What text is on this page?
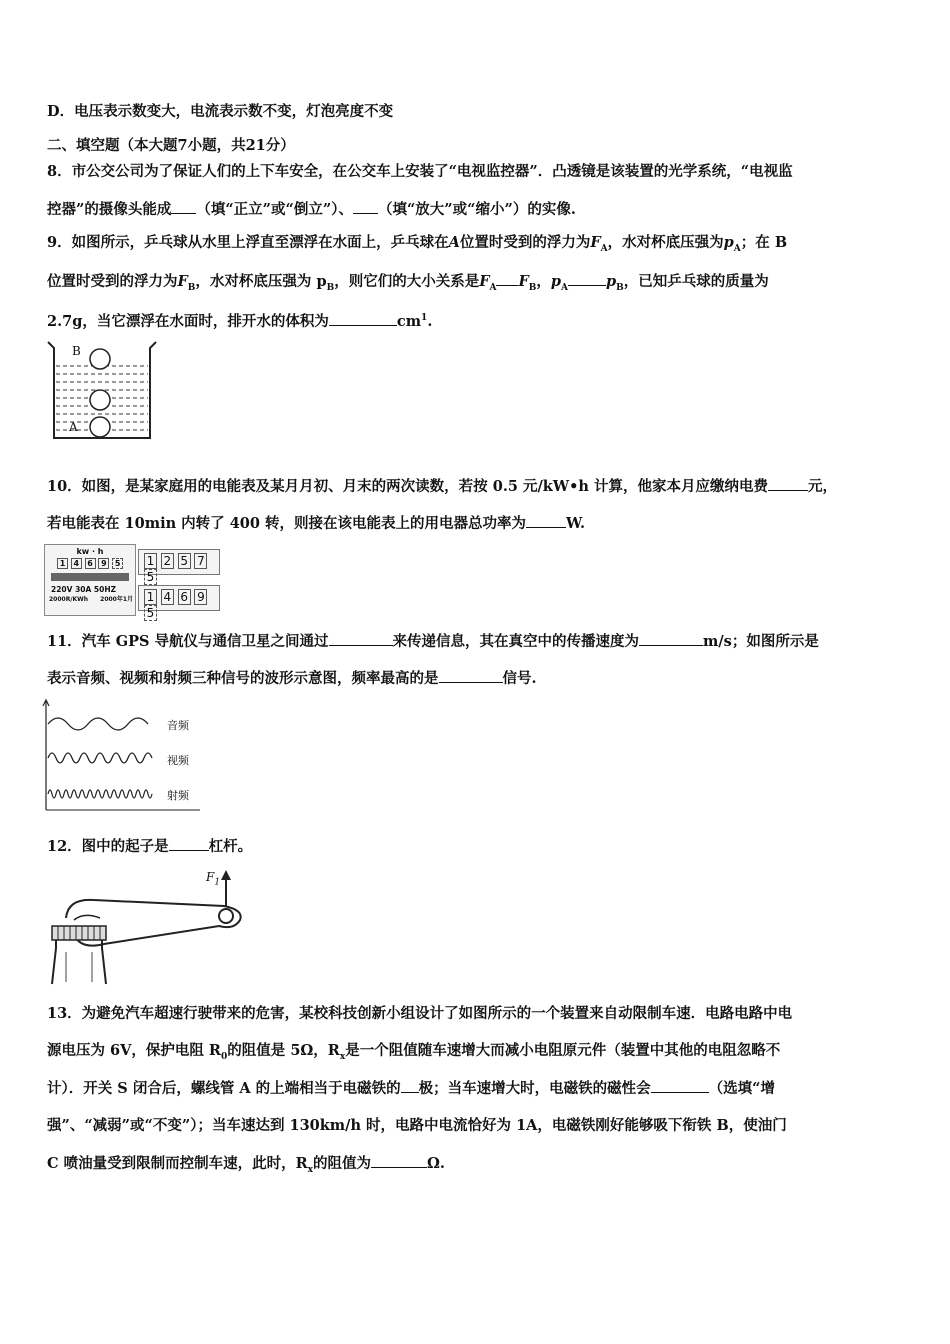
D．电压表示数变大，电流表示数不变，灯泡亮度不变
二、填空题（本大题7小题，共21分）
8．市公交公司为了保证人们的上下车安全，在公交车上安装了“电视监控器”．凸透镜是该装置的光学系统，“电视监
控器”的摄像头能成 （填“正立”或“倒立”）、 （填“放大”或“缩小”）的实像.
9．如图所示，乒乓球从水里上浮直至漂浮在水面上，乒乓球在A位置时受到的浮力为$F_A$，水对杯底压强为$p_A$；在 B
位置时受到的浮力为$F_B$，水对杯底压强为 $p_B$，则它们的大小关系是$F_A$ $F_B$，$p_A$	$p_B$，已知乒乓球的质量为
2.7g，当它漂浮在水面时，排开水的体积为	$cm^1$.
B
A
10．如图，是某家庭用的电能表及某月月初、月末的两次读数，若按 0.5 元/kW•h 计算，他家本月应缴纳电费	元，
若电能表在 10min 内转了 400 转，则接在该电能表上的用电器总功率为	W.
kw · h
1 4 6 9 5
220V 30A 50HZ
2000R/KWh 2000年1月
1 2 5 7 5
1 4 6 9 5
11．汽车 GPS 导航仪与通信卫星之间通过	来传递信息，其在真空中的传播速度为	m/s；如图所示是
表示音频、视频和射频三种信号的波形示意图，频率最高的是	信号.
音频
视频
射频
12．图中的起子是	杠杆。
$F_1$
13．为避免汽车超速行驶带来的危害，某校科技创新小组设计了如图所示的一个装置来自动限制车速．电路电路中电
源电压为 6V，保护电阻 $R_0$的阻值是 5Ω，$R_x$是一个阻值随车速增大而减小电阻原元件（装置中其他的电阻忽略不
计）．开关 S 闭合后，螺线管 A 的上端相当于电磁铁的 极；当车速增大时，电磁铁的磁性会	（选填“增
强”、“减弱”或“不变”）；当车速达到 130km/h 时，电路中电流恰好为 1A，电磁铁刚好能够吸下衔铁 B，使油门
C 喷油量受到限制而控制车速，此时，$R_x$的阻值为	Ω.
